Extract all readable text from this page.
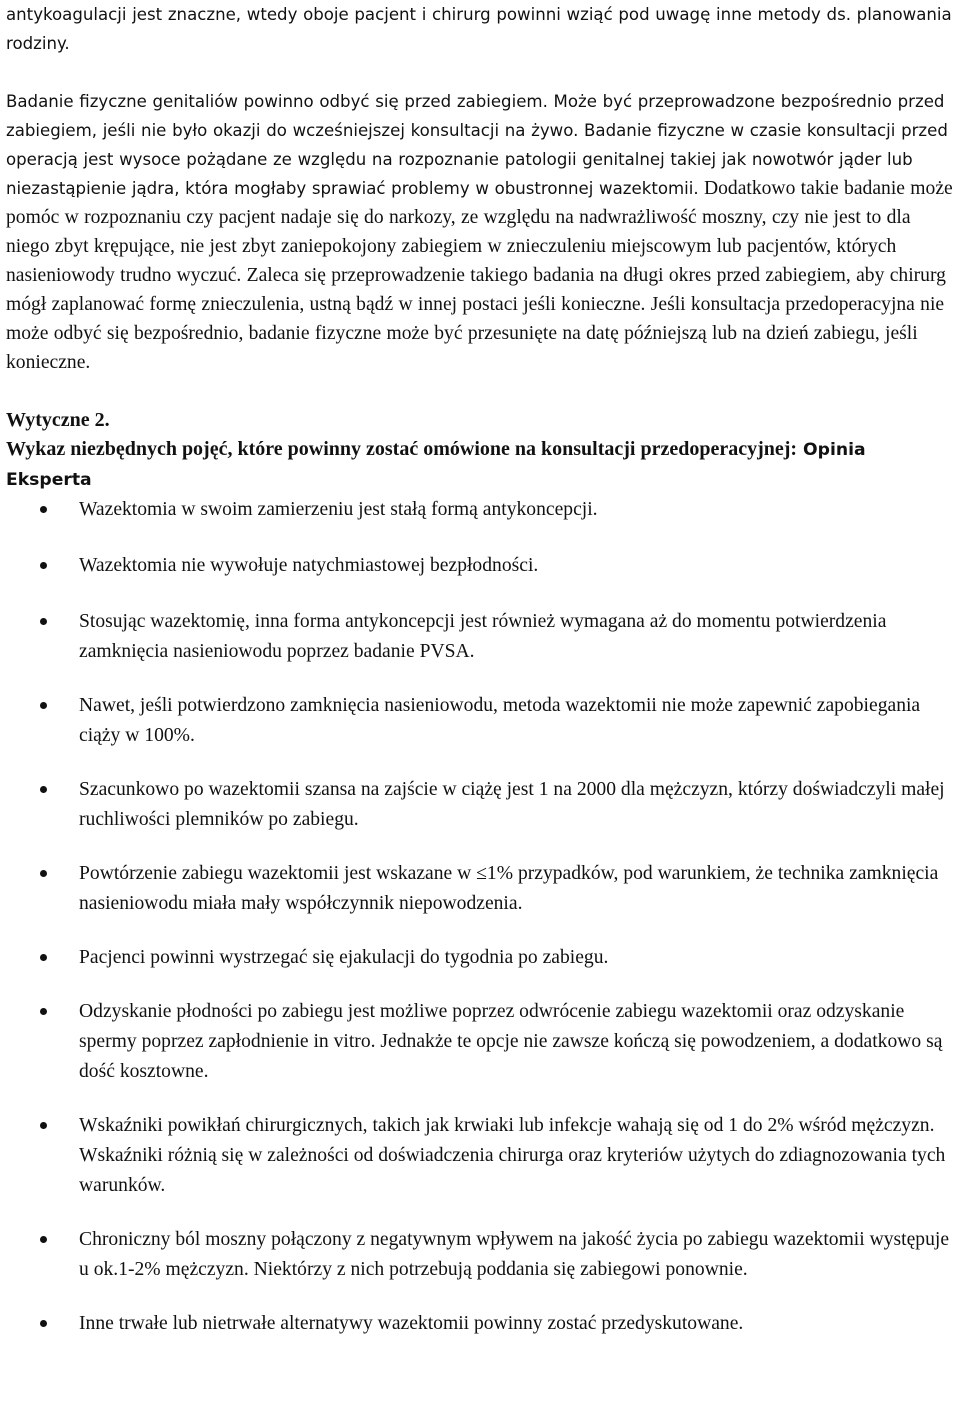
antykoagulacji jest znaczne, wtedy oboje pacjent i chirurg powinni wziąć pod uwagę inne metody ds. planowania rodziny.

Badanie fizyczne genitaliów powinno odbyć się przed zabiegiem. Może być przeprowadzone bezpośrednio przed zabiegiem, jeśli nie było okazji do wcześniejszej konsultacji na żywo. Badanie fizyczne w czasie konsultacji przed operacją jest wysoce pożądane ze względu na rozpoznanie patologii genitalnej takiej jak nowotwór jąder lub niezastąpienie jądra, która mogłaby sprawiać problemy w obustronnej wazektomii. Dodatkowo takie badanie może pomóc w rozpoznaniu czy pacjent nadaje się do narkozy, ze względu na nadwrażliwość moszny, czy nie jest to dla niego zbyt krępujące, nie jest zbyt zaniepokojony zabiegiem w znieczuleniu miejscowym lub pacjentów, których nasieniowody trudno wyczuć. Zaleca się przeprowadzenie takiego badania na długi okres przed zabiegiem, aby chirurg mógł zaplanować formę znieczulenia, ustną bądź w innej postaci jeśli konieczne. Jeśli konsultacja przedoperacyjna nie może odbyć się bezpośrednio, badanie fizyczne może być przesunięte na datę późniejszą lub na dzień zabiegu, jeśli konieczne.

Wytyczne 2.

Wykaz niezbędnych pojęć, które powinny zostać omówione na konsultacji przedoperacyjnej: Opinia Eksperta

Wazektomia w swoim zamierzeniu jest stałą formą antykoncepcji.
Wazektomia nie wywołuje natychmiastowej bezpłodności.
Stosując wazektomię, inna forma antykoncepcji jest również wymagana aż do momentu potwierdzenia zamknięcia nasieniowodu poprzez badanie PVSA.
Nawet, jeśli potwierdzono zamknięcia nasieniowodu, metoda wazektomii nie może zapewnić zapobiegania ciąży w 100%.
Szacunkowo po wazektomii szansa na zajście w ciążę jest 1 na 2000 dla mężczyzn, którzy doświadczyli małej ruchliwości plemników po zabiegu.
Powtórzenie zabiegu wazektomii jest wskazane w ≤1% przypadków, pod warunkiem, że technika zamknięcia nasieniowodu miała mały współczynnik niepowodzenia.
Pacjenci powinni wystrzegać się ejakulacji do tygodnia po zabiegu.
Odzyskanie płodności po zabiegu jest możliwe poprzez odwrócenie zabiegu wazektomii oraz odzyskanie spermy poprzez zapłodnienie in vitro. Jednakże te opcje nie zawsze kończą się powodzeniem, a dodatkowo są dość kosztowne.
Wskaźniki powikłań chirurgicznych, takich jak krwiaki lub infekcje wahają się od 1 do 2% wśród mężczyzn. Wskaźniki różnią się w zależności od doświadczenia chirurga oraz kryteriów użytych do zdiagnozowania tych warunków.
Chroniczny ból moszny połączony z negatywnym wpływem na jakość życia po zabiegu wazektomii występuje u ok.1-2% mężczyzn. Niektórzy z nich potrzebują poddania się zabiegowi ponownie.
Inne trwałe lub nietrwałe alternatywy wazektomii powinny zostać przedyskutowane.
